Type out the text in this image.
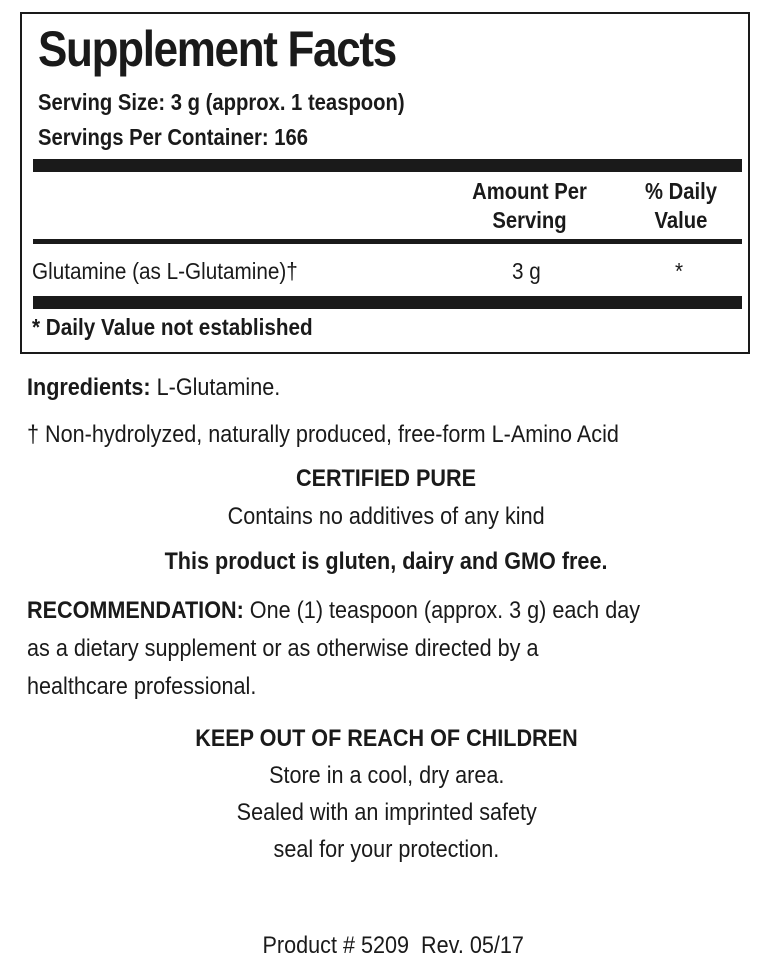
Supplement Facts
Serving Size: 3 g (approx. 1 teaspoon)
Servings Per Container: 166
Amount Per
Serving
% Daily
Value
Glutamine (as L-Glutamine)†	3 g	*
* Daily Value not established
Ingredients: L-Glutamine.
† Non-hydrolyzed, naturally produced, free-form L-Amino Acid
CERTIFIED PURE
Contains no additives of any kind
This product is gluten, dairy and GMO free.
RECOMMENDATION: One (1) teaspoon (approx. 3 g) each day
as a dietary supplement or as otherwise directed by a
healthcare professional.
KEEP OUT OF REACH OF CHILDREN
Store in a cool, dry area.
Sealed with an imprinted safety
seal for your protection.

Product # 5209  Rev. 05/17
